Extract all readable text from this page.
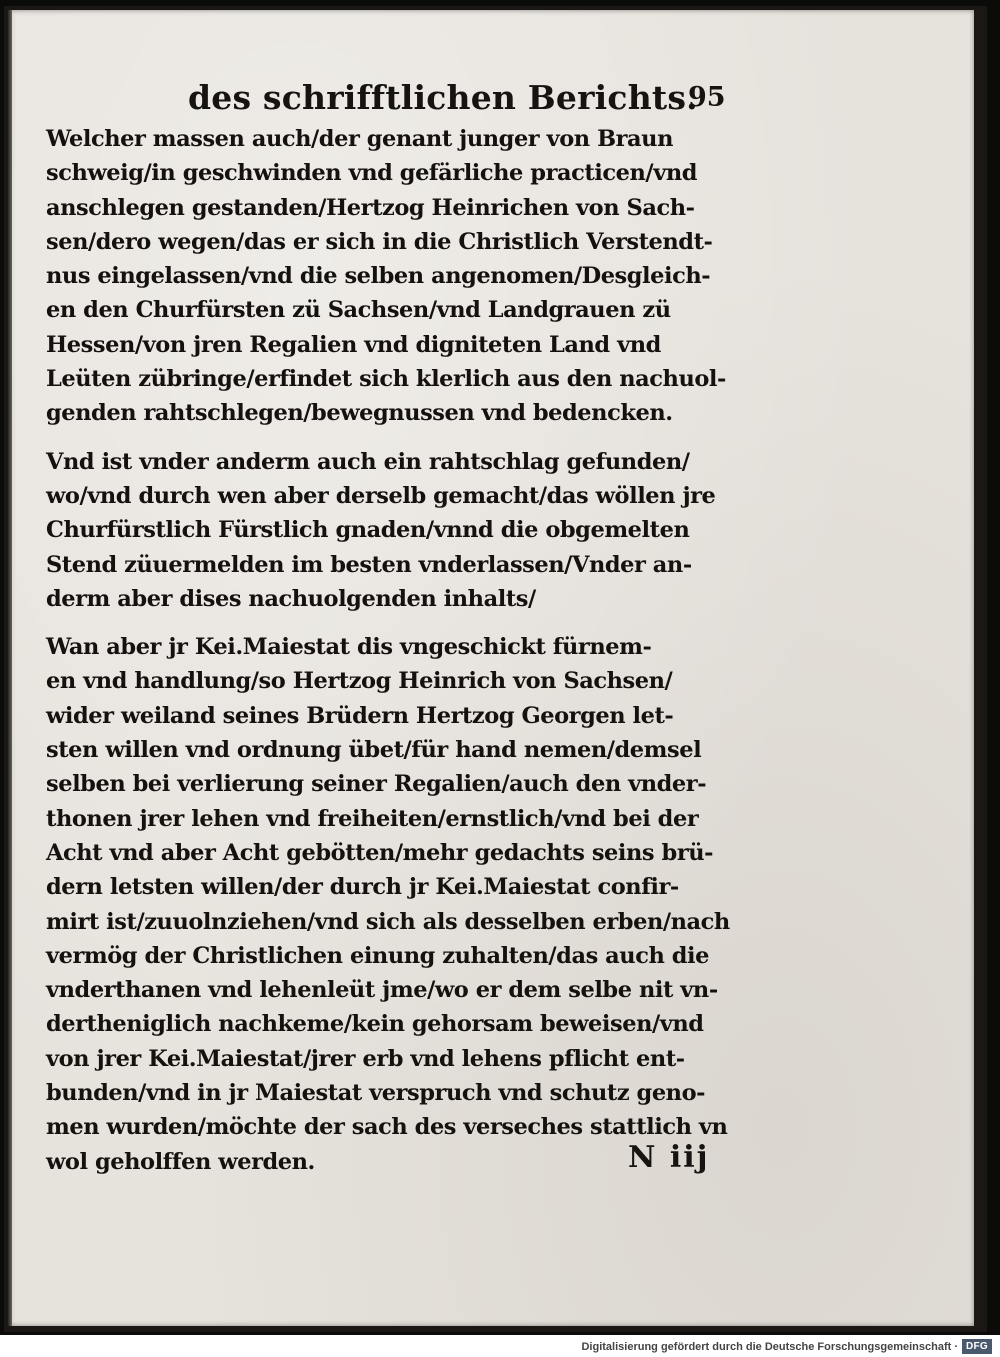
des schrifftlichen Berichts.
95
Welcher massen auch/der genant junger von Braun
schweig/in geschwinden vnd gefärliche practicen/vnd
anschlegen gestanden/Hertzog Heinrichen von Sach-
sen/dero wegen/das er sich in die Christlich Verstendt-
nus eingelassen/vnd die selben angenomen/Desgleich-
en den Churfürsten zü Sachsen/vnd Landgrauen zü
Hessen/von jren Regalien vnd digniteten Land vnd
Leüten zübringe/erfindet sich klerlich aus den nachuol-
genden rahtschlegen/bewegnussen vnd bedencken.
Vnd ist vnder anderm auch ein rahtschlag gefunden/
wo/vnd durch wen aber derselb gemacht/das wöllen jre
Churfürstlich Fürstlich gnaden/vnnd die obgemelten
Stend züuermelden im besten vnderlassen/Vnder an-
derm aber dises nachuolgenden inhalts/
Wan aber jr Kei.Maiestat dis vngeschickt fürnem-
en vnd handlung/so Hertzog Heinrich von Sachsen/
wider weiland seines Brüdern Hertzog Georgen let-
sten willen vnd ordnung übet/für hand nemen/demsel
selben bei verlierung seiner Regalien/auch den vnder-
thonen jrer lehen vnd freiheiten/ernstlich/vnd bei der
Acht vnd aber Acht gebötten/mehr gedachts seins brü-
dern letsten willen/der durch jr Kei.Maiestat confir-
mirt ist/zuuolnziehen/vnd sich als desselben erben/nach
vermög der Christlichen einung zuhalten/das auch die
vnderthanen vnd lehenleüt jme/wo er dem selbe nit vn-
dertheniglich nachkeme/kein gehorsam beweisen/vnd
von jrer Kei.Maiestat/jrer erb vnd lehens pflicht ent-
bunden/vnd in jr Maiestat verspruch vnd schutz geno-
men wurden/möchte der sach des verseches stattlich vn
wol geholffen werden.	N iij
Digitalisierung gefördert durch die Deutsche Forschungsgemeinschaft · DFG
